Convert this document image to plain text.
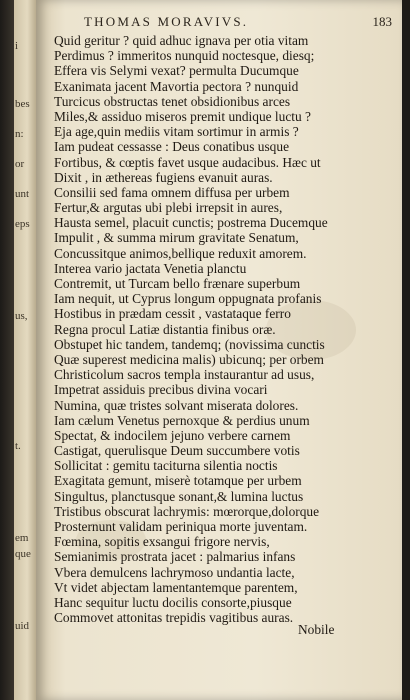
i
bes
n:
or
unt
eps
us,
t.
em
que
uid
THOMAS MORAVIVS.	183
Quid geritur ? quid adhuc ignava per otia vitam
Perdimus ? immeritos nunquid noctesque, diesq;
Effera vis Selymi vexat? permulta Ducumque
Exanimata jacent Mavortia pectora ? nunquid
Turcicus obstructas tenet obsidionibus arces
Miles,& assiduo miseros premit undique luctu ?
Eja age,quin mediis vitam sortimur in armis ?
Iam pudeat cessasse : Deus conatibus usque
Fortibus, & cœptis favet usque audacibus. Hæc ut
Dixit , in æthereas fugiens evanuit auras.
Consilii sed fama omnem diffusa per urbem
Fertur,& argutas ubi plebi irrepsit in aures,
Hausta semel, placuit cunctis; postrema Ducemque
Impulit , & summa mirum gravitate Senatum,
Concussitque animos,bellique reduxit amorem.
Interea vario jactata Venetia planctu
Contremit, ut Turcam bello frænare superbum
Iam nequit, ut Cyprus longum oppugnata profanis
Hostibus in prædam cessit , vastataque ferro
Regna procul Latiæ distantia finibus oræ.
Obstupet hic tandem, tandemq; (novissima cunctis
Quæ superest medicina malis) ubicunq; per orbem
Christicolum sacros templa instaurantur ad usus,
Impetrat assiduis precibus divina vocari
Numina, quæ tristes solvant miserata dolores.
Iam cælum Venetus pernoxque & perdius unum
Spectat, & indocilem jejuno verbere carnem
Castigat, querulisque Deum succumbere votis
Sollicitat : gemitu taciturna silentia noctis
Exagitata gemunt, miserè totamque per urbem
Singultus, planctusque sonant,& lumina luctus
Tristibus obscurat lachrymis: mœrorque,dolorque
Prosternunt validam periniqua morte juventam.
Fœmina, sopitis exsangui frigore nervis,
Semianimis prostrata jacet : palmarius infans
Vbera demulcens lachrymoso undantia lacte,
Vt videt abjectam lamentantemque parentem,
Hanc sequitur luctu docilis consorte,piusque
Commovet attonitas trepidis vagitibus auras.
Nobile
